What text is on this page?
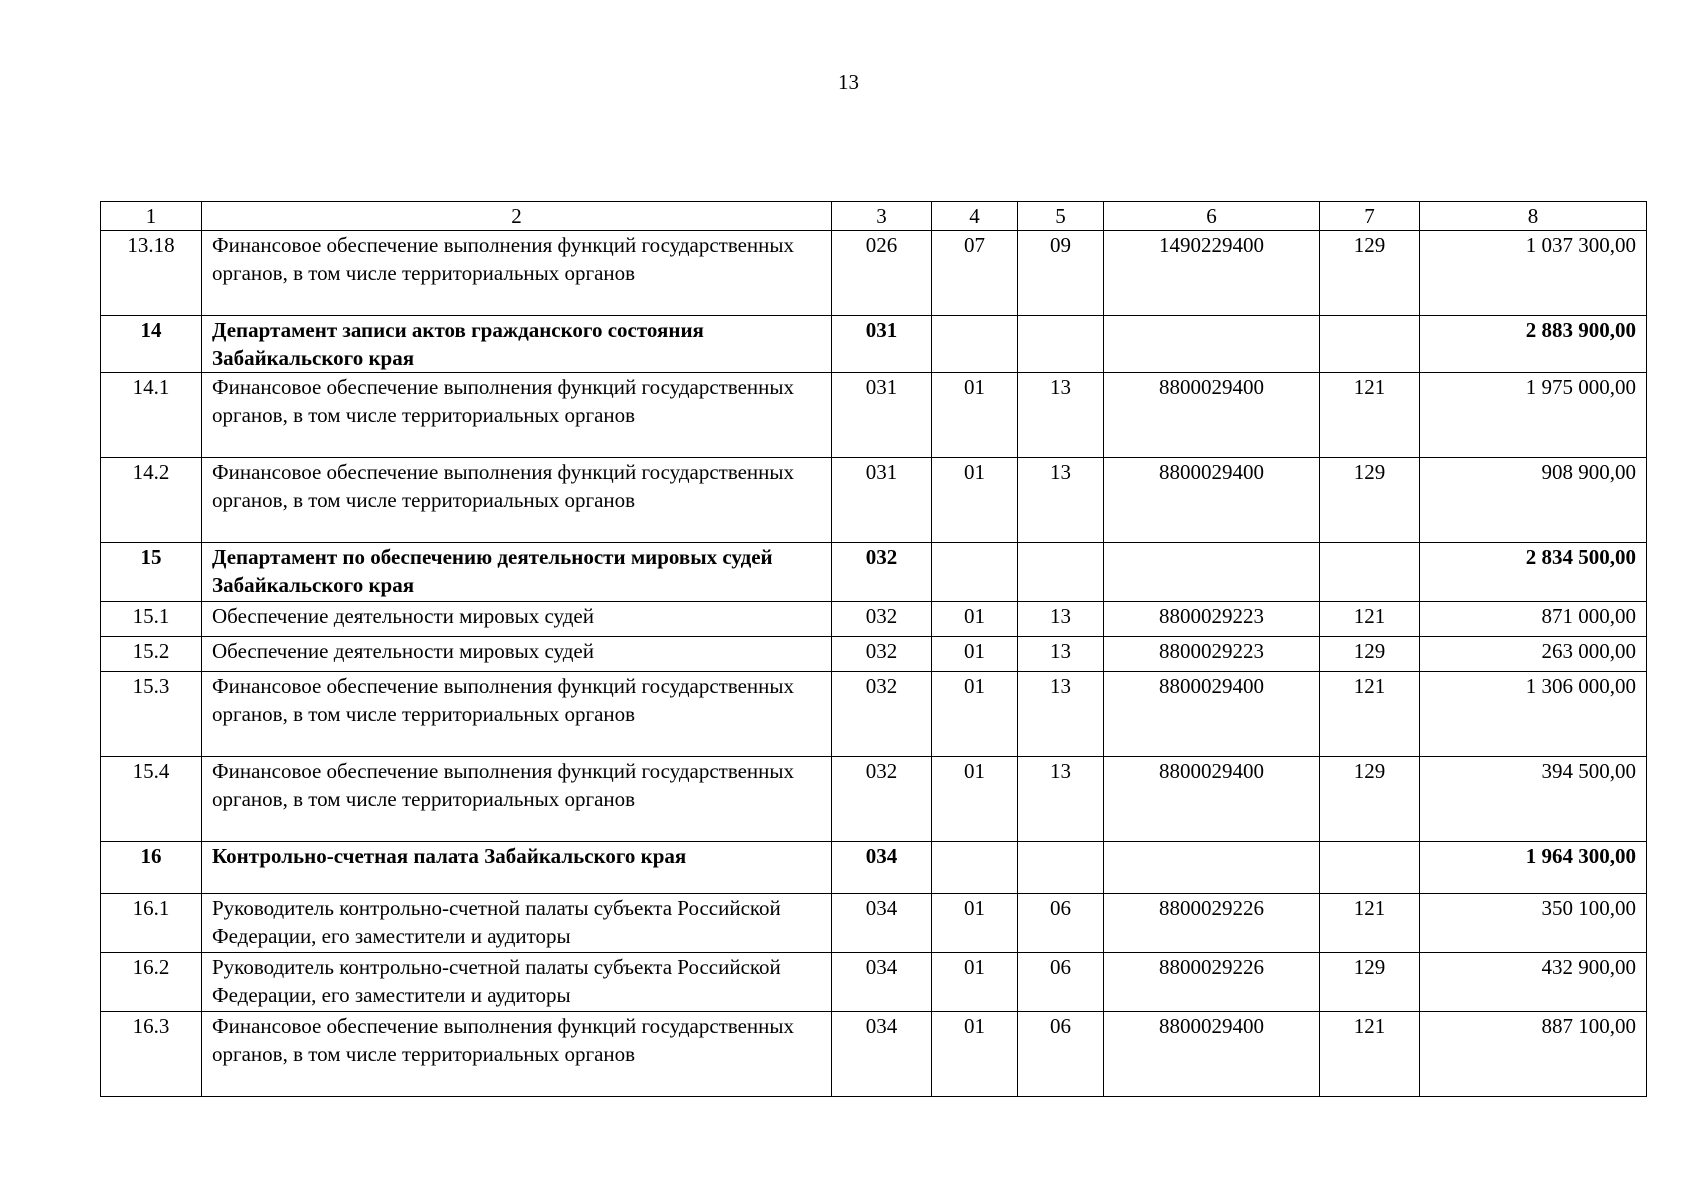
13
1	2	3	4	5	6	7	8
13.18	Финансовое обеспечение выполнения функций государственных органов, в том числе территориальных органов	026	07	09	1490229400	129	1 037 300,00
14	Департамент записи актов гражданского состояния Забайкальского края	031					2 883 900,00
14.1	Финансовое обеспечение выполнения функций государственных органов, в том числе территориальных органов	031	01	13	8800029400	121	1 975 000,00
14.2	Финансовое обеспечение выполнения функций государственных органов, в том числе территориальных органов	031	01	13	8800029400	129	908 900,00
15	Департамент по обеспечению деятельности мировых судей Забайкальского края	032					2 834 500,00
15.1	Обеспечение деятельности мировых судей	032	01	13	8800029223	121	871 000,00
15.2	Обеспечение деятельности мировых судей	032	01	13	8800029223	129	263 000,00
15.3	Финансовое обеспечение выполнения функций государственных органов, в том числе территориальных органов	032	01	13	8800029400	121	1 306 000,00
15.4	Финансовое обеспечение выполнения функций государственных органов, в том числе территориальных органов	032	01	13	8800029400	129	394 500,00
16	Контрольно-счетная палата Забайкальского края	034					1 964 300,00
16.1	Руководитель контрольно-счетной палаты субъекта Российской Федерации, его заместители и аудиторы	034	01	06	8800029226	121	350 100,00
16.2	Руководитель контрольно-счетной палаты субъекта Российской Федерации, его заместители и аудиторы	034	01	06	8800029226	129	432 900,00
16.3	Финансовое обеспечение выполнения функций государственных органов, в том числе территориальных органов	034	01	06	8800029400	121	887 100,00
